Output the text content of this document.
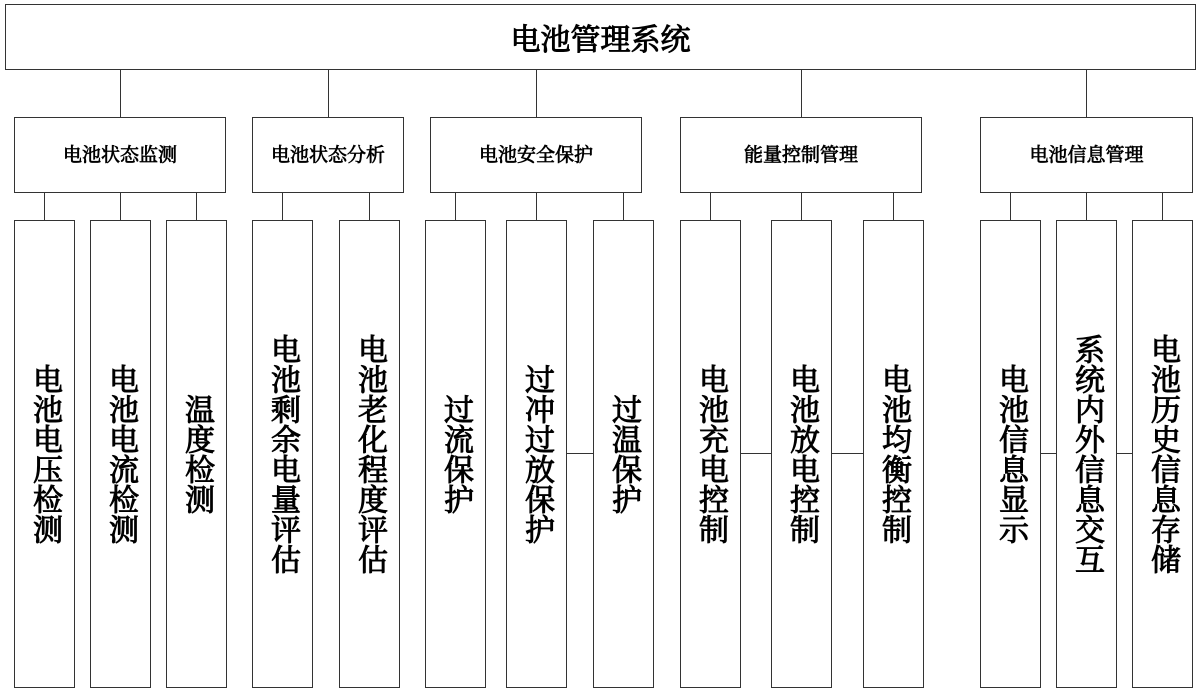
电池管理系统
电池状态监测	电池状态分析	电池安全保护	能量控制管理	电池信息管理
电池电压检测	电池电流检测	温度检测	电池剩余电量评估	电池老化程度评估	过流保护	过冲过放保护	过温保护	电池充电控制	电池放电控制	电池均衡控制	电池信息显示	系统内外信息交互	电池历史信息存储
